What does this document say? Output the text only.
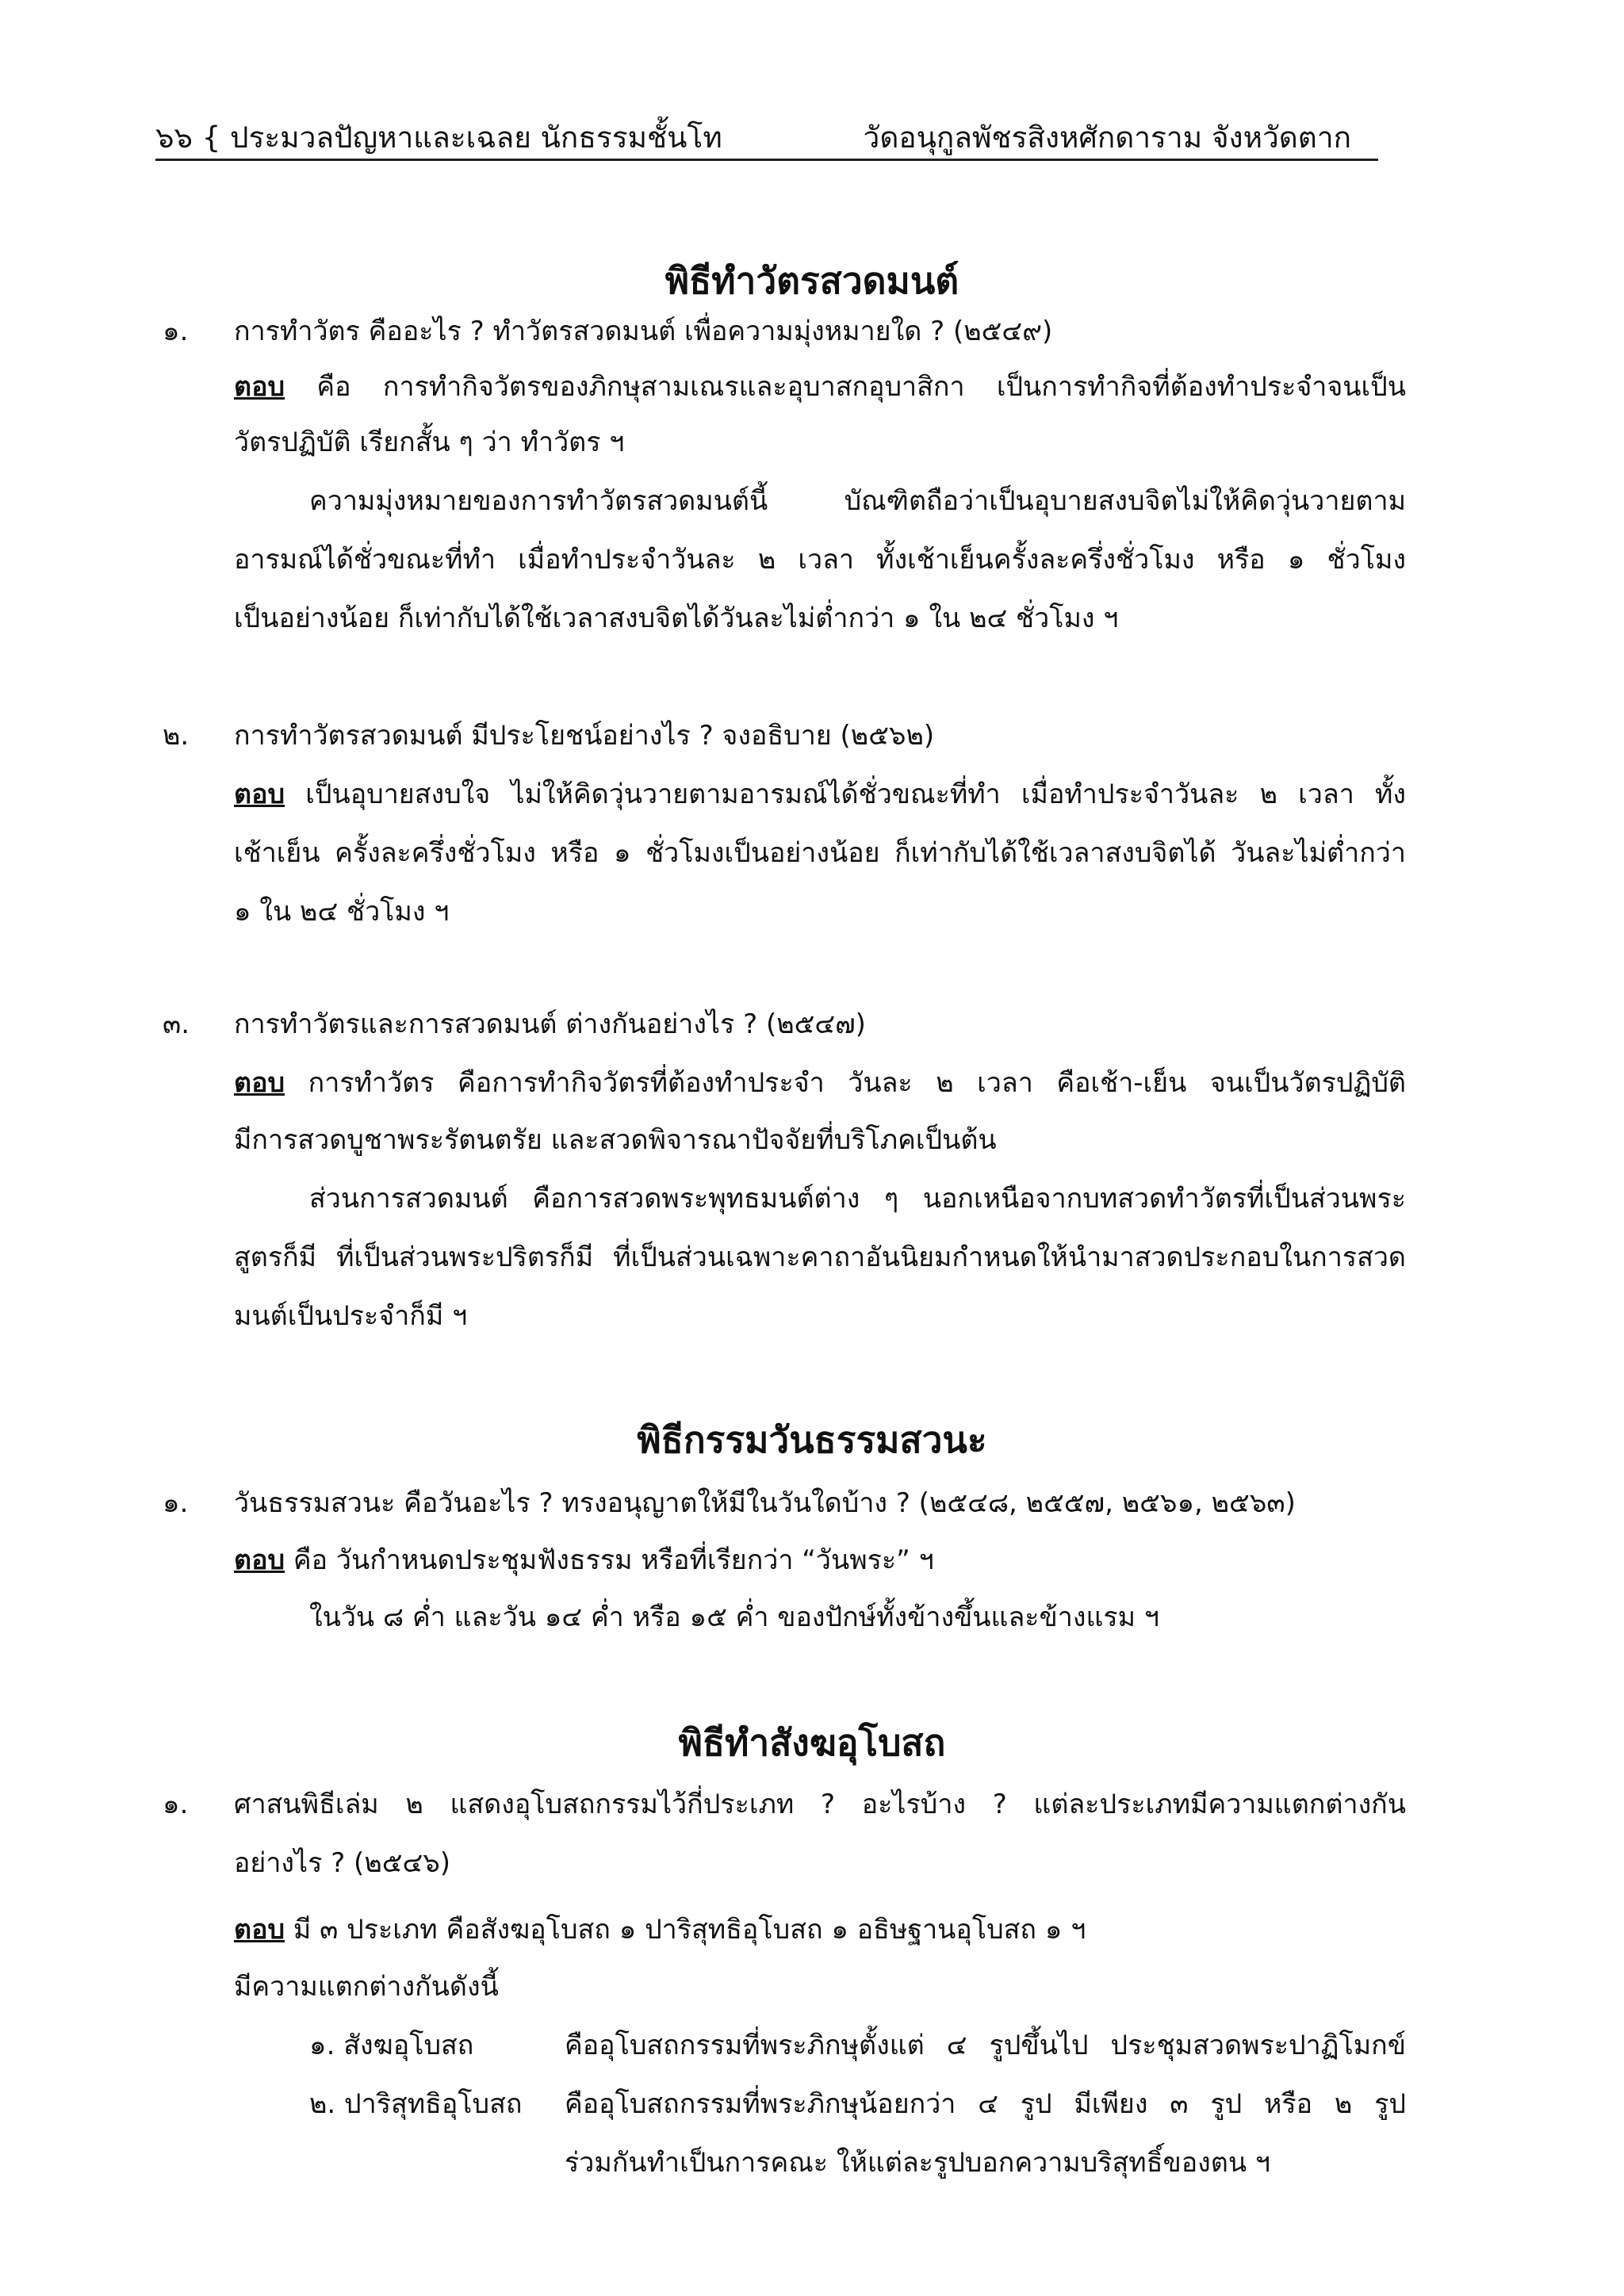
๖๖ { ประมวลปัญหาและเฉลย นักธรรมชั้นโท	วัดอนุกูลพัชรสิงหศักดาราม จังหวัดตาก
พิธีทำวัตรสวดมนต์
๑. การทำวัตร คืออะไร ? ทำวัตรสวดมนต์ เพื่อความมุ่งหมายใด ? (๒๕๔๙)
ตอบ คือ การทำกิจวัตรของภิกษุสามเณรและอุบาสกอุบาสิกา เป็นการทำกิจที่ต้องทำประจำจนเป็น
วัตรปฏิบัติ เรียกสั้น ๆ ว่า ทำวัตร ฯ
ความมุ่งหมายของการทำวัตรสวดมนต์นี้ บัณฑิตถือว่าเป็นอุบายสงบจิตไม่ให้คิดวุ่นวายตาม
อารมณ์ได้ชั่วขณะที่ทำ เมื่อทำประจำวันละ ๒ เวลา ทั้งเช้าเย็นครั้งละครึ่งชั่วโมง หรือ ๑ ชั่วโมง
เป็นอย่างน้อย ก็เท่ากับได้ใช้เวลาสงบจิตได้วันละไม่ต่ำกว่า ๑ ใน ๒๔ ชั่วโมง ฯ
๒. การทำวัตรสวดมนต์ มีประโยชน์อย่างไร ? จงอธิบาย (๒๕๖๒)
ตอบ เป็นอุบายสงบใจ ไม่ให้คิดวุ่นวายตามอารมณ์ได้ชั่วขณะที่ทำ เมื่อทำประจำวันละ ๒ เวลา ทั้ง
เช้าเย็น ครั้งละครึ่งชั่วโมง หรือ ๑ ชั่วโมงเป็นอย่างน้อย ก็เท่ากับได้ใช้เวลาสงบจิตได้ วันละไม่ต่ำกว่า
๑ ใน ๒๔ ชั่วโมง ฯ
๓. การทำวัตรและการสวดมนต์ ต่างกันอย่างไร ? (๒๕๔๗)
ตอบ การทำวัตร คือการทำกิจวัตรที่ต้องทำประจำ วันละ ๒ เวลา คือเช้า-เย็น จนเป็นวัตรปฏิบัติ
มีการสวดบูชาพระรัตนตรัย และสวดพิจารณาปัจจัยที่บริโภคเป็นต้น
ส่วนการสวดมนต์ คือการสวดพระพุทธมนต์ต่าง ๆ นอกเหนือจากบทสวดทำวัตรที่เป็นส่วนพระ
สูตรก็มี ที่เป็นส่วนพระปริตรก็มี ที่เป็นส่วนเฉพาะคาถาอันนิยมกำหนดให้นำมาสวดประกอบในการสวด
มนต์เป็นประจำก็มี ฯ
พิธีกรรมวันธรรมสวนะ
๑. วันธรรมสวนะ คือวันอะไร ? ทรงอนุญาตให้มีในวันใดบ้าง ? (๒๕๔๘, ๒๕๕๗, ๒๕๖๑, ๒๕๖๓)
ตอบ คือ วันกำหนดประชุมฟังธรรม หรือที่เรียกว่า “วันพระ” ฯ
ในวัน ๘ ค่ำ และวัน ๑๔ ค่ำ หรือ ๑๕ ค่ำ ของปักษ์ทั้งข้างขึ้นและข้างแรม ฯ
พิธีทำสังฆอุโบสถ
๑. ศาสนพิธีเล่ม ๒ แสดงอุโบสถกรรมไว้กี่ประเภท ? อะไรบ้าง ? แต่ละประเภทมีความแตกต่างกัน
อย่างไร ? (๒๕๔๖)
ตอบ มี ๓ ประเภท คือสังฆอุโบสถ ๑ ปาริสุทธิอุโบสถ ๑ อธิษฐานอุโบสถ ๑ ฯ
มีความแตกต่างกันดังนี้
๑. สังฆอุโบสถ	คืออุโบสถกรรมที่พระภิกษุตั้งแต่ ๔ รูปขึ้นไป ประชุมสวดพระปาฏิโมกข์
๒. ปาริสุทธิอุโบสถ คืออุโบสถกรรมที่พระภิกษุน้อยกว่า ๔ รูป มีเพียง ๓ รูป หรือ ๒ รูป
ร่วมกันทำเป็นการคณะ ให้แต่ละรูปบอกความบริสุทธิ์ของตน ฯ
